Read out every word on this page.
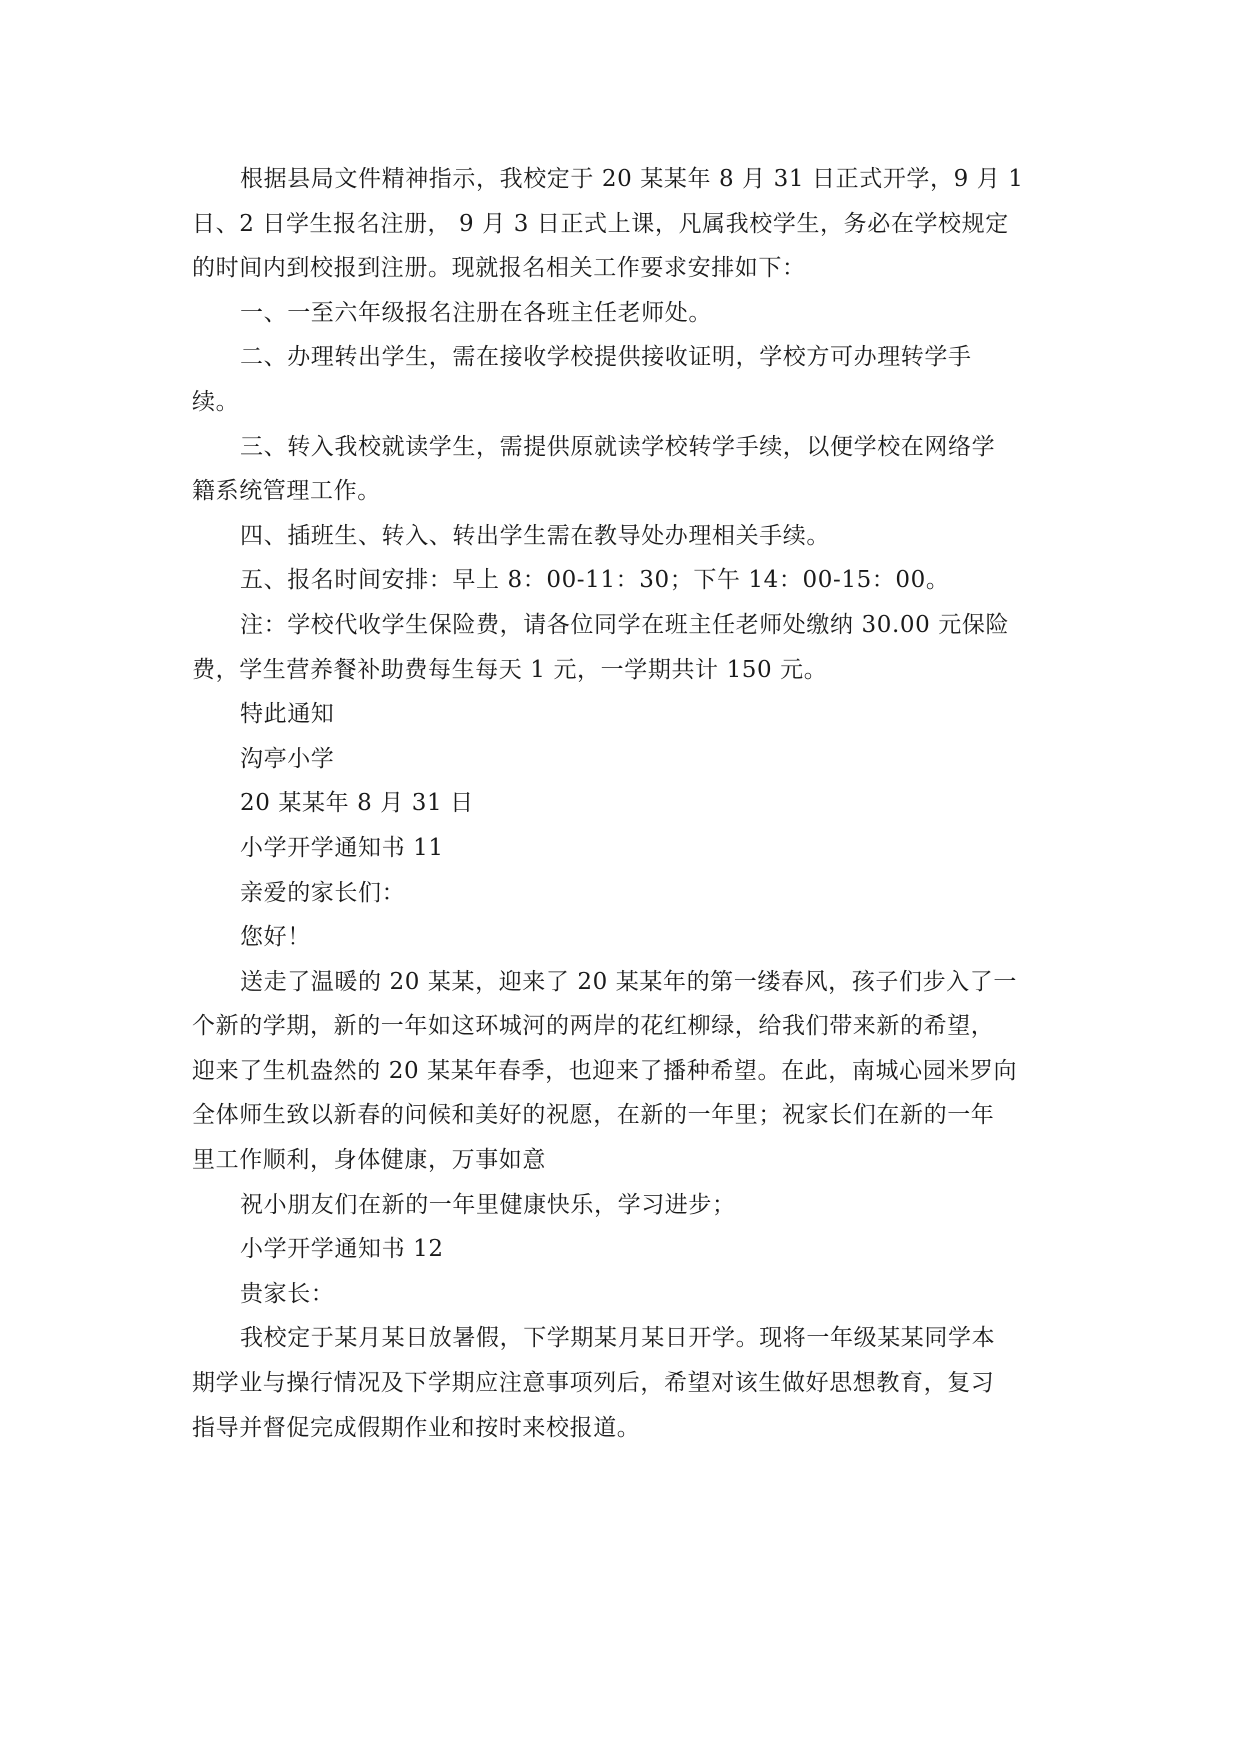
根据县局文件精神指示，我校定于 20 某某年 8 月 31 日正式开学，9 月 1
日、2 日学生报名注册， 9 月 3 日正式上课，凡属我校学生，务必在学校规定
的时间内到校报到注册。现就报名相关工作要求安排如下：

一、一至六年级报名注册在各班主任老师处。

二、办理转出学生，需在接收学校提供接收证明，学校方可办理转学手
续。

三、转入我校就读学生，需提供原就读学校转学手续，以便学校在网络学
籍系统管理工作。

四、插班生、转入、转出学生需在教导处办理相关手续。

五、报名时间安排：早上 8：00-11：30；下午 14：00-15：00。

注：学校代收学生保险费，请各位同学在班主任老师处缴纳 30.00 元保险
费，学生营养餐补助费每生每天 1 元，一学期共计 150 元。

特此通知

沟亭小学

20 某某年 8 月 31 日

小学开学通知书 11

亲爱的家长们：

您好！

送走了温暖的 20 某某，迎来了 20 某某年的第一缕春风，孩子们步入了一
个新的学期，新的一年如这环城河的两岸的花红柳绿，给我们带来新的希望，
迎来了生机盎然的 20 某某年春季，也迎来了播种希望。在此，南城心园米罗向
全体师生致以新春的问候和美好的祝愿，在新的一年里；祝家长们在新的一年
里工作顺利，身体健康，万事如意

祝小朋友们在新的一年里健康快乐，学习进步；

小学开学通知书 12

贵家长：

我校定于某月某日放暑假，下学期某月某日开学。现将一年级某某同学本
期学业与操行情况及下学期应注意事项列后，希望对该生做好思想教育，复习
指导并督促完成假期作业和按时来校报道。
